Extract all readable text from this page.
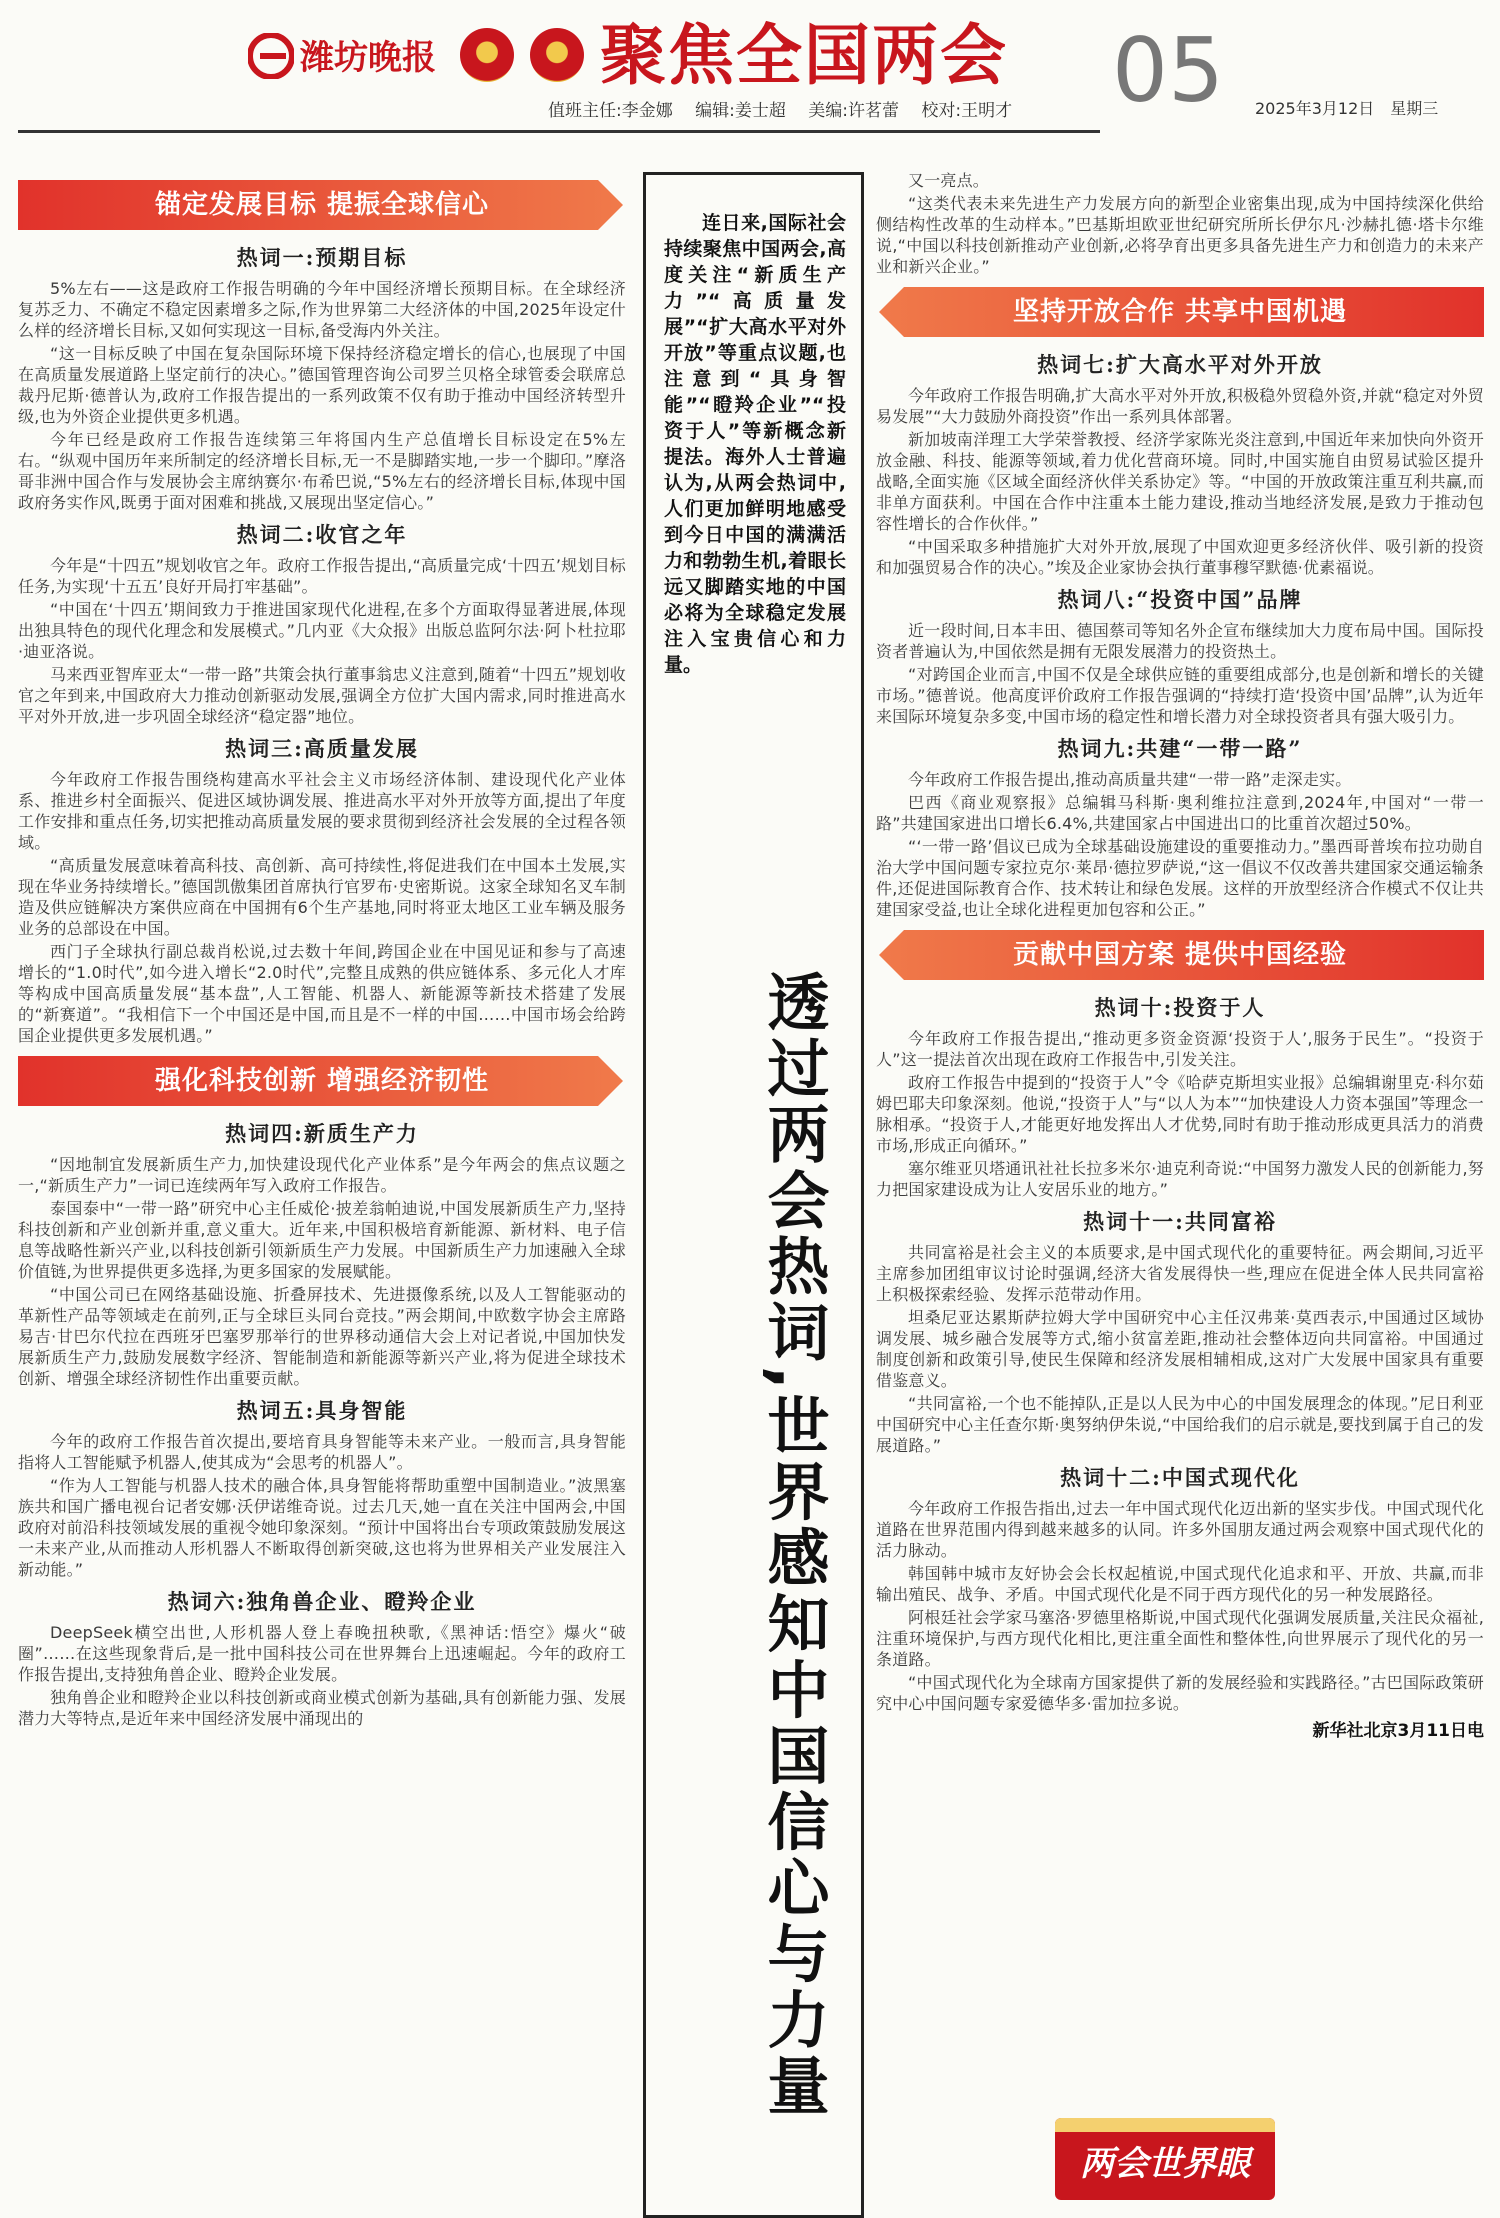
潍坊晚报 聚焦全国两会 05
值班主任:李金娜　 编辑:姜士超　 美编:许茗蕾　 校对:王明才	2025年3月12日　星期三
锚定发展目标 提振全球信心
热词一:预期目标

5%左右——这是政府工作报告明确的今年中国经济增长预期目标。在全球经济复苏乏力、不确定不稳定因素增多之际,作为世界第二大经济体的中国,2025年设定什么样的经济增长目标,又如何实现这一目标,备受海内外关注。

“这一目标反映了中国在复杂国际环境下保持经济稳定增长的信心,也展现了中国在高质量发展道路上坚定前行的决心。”德国管理咨询公司罗兰贝格全球管委会联席总裁丹尼斯·德普认为,政府工作报告提出的一系列政策不仅有助于推动中国经济转型升级,也为外资企业提供更多机遇。

今年已经是政府工作报告连续第三年将国内生产总值增长目标设定在5%左右。“纵观中国历年来所制定的经济增长目标,无一不是脚踏实地,一步一个脚印。”摩洛哥非洲中国合作与发展协会主席纳赛尔·布希巴说,“5%左右的经济增长目标,体现中国政府务实作风,既勇于面对困难和挑战,又展现出坚定信心。”

热词二:收官之年

今年是“十四五”规划收官之年。政府工作报告提出,“高质量完成‘十四五’规划目标任务,为实现‘十五五’良好开局打牢基础”。

“中国在‘十四五’期间致力于推进国家现代化进程,在多个方面取得显著进展,体现出独具特色的现代化理念和发展模式。”几内亚《大众报》出版总监阿尔法·阿卜杜拉耶·迪亚洛说。

马来西亚智库亚太“一带一路”共策会执行董事翁忠义注意到,随着“十四五”规划收官之年到来,中国政府大力推动创新驱动发展,强调全方位扩大国内需求,同时推进高水平对外开放,进一步巩固全球经济“稳定器”地位。

热词三:高质量发展

今年政府工作报告围绕构建高水平社会主义市场经济体制、建设现代化产业体系、推进乡村全面振兴、促进区域协调发展、推进高水平对外开放等方面,提出了年度工作安排和重点任务,切实把推动高质量发展的要求贯彻到经济社会发展的全过程各领域。

“高质量发展意味着高科技、高创新、高可持续性,将促进我们在中国本土发展,实现在华业务持续增长。”德国凯傲集团首席执行官罗布·史密斯说。这家全球知名叉车制造及供应链解决方案供应商在中国拥有6个生产基地,同时将亚太地区工业车辆及服务业务的总部设在中国。

西门子全球执行副总裁肖松说,过去数十年间,跨国企业在中国见证和参与了高速增长的“1.0时代”,如今进入增长“2.0时代”,完整且成熟的供应链体系、多元化人才库等构成中国高质量发展“基本盘”,人工智能、机器人、新能源等新技术搭建了发展的“新赛道”。“我相信下一个中国还是中国,而且是不一样的中国……中国市场会给跨国企业提供更多发展机遇。”

强化科技创新 增强经济韧性
热词四:新质生产力

“因地制宜发展新质生产力,加快建设现代化产业体系”是今年两会的焦点议题之一,“新质生产力”一词已连续两年写入政府工作报告。

泰国泰中“一带一路”研究中心主任威伦·披差翁帕迪说,中国发展新质生产力,坚持科技创新和产业创新并重,意义重大。近年来,中国积极培育新能源、新材料、电子信息等战略性新兴产业,以科技创新引领新质生产力发展。中国新质生产力加速融入全球价值链,为世界提供更多选择,为更多国家的发展赋能。

“中国公司已在网络基础设施、折叠屏技术、先进摄像系统,以及人工智能驱动的革新性产品等领域走在前列,正与全球巨头同台竞技。”两会期间,中欧数字协会主席路易吉·甘巴尔代拉在西班牙巴塞罗那举行的世界移动通信大会上对记者说,中国加快发展新质生产力,鼓励发展数字经济、智能制造和新能源等新兴产业,将为促进全球技术创新、增强全球经济韧性作出重要贡献。

热词五:具身智能

今年的政府工作报告首次提出,要培育具身智能等未来产业。一般而言,具身智能指将人工智能赋予机器人,使其成为“会思考的机器人”。

“作为人工智能与机器人技术的融合体,具身智能将帮助重塑中国制造业。”波黑塞族共和国广播电视台记者安娜·沃伊诺维奇说。过去几天,她一直在关注中国两会,中国政府对前沿科技领域发展的重视令她印象深刻。“预计中国将出台专项政策鼓励发展这一未来产业,从而推动人形机器人不断取得创新突破,这也将为世界相关产业发展注入新动能。”

热词六:独角兽企业、瞪羚企业

DeepSeek横空出世,人形机器人登上春晚扭秧歌,《黑神话:悟空》爆火“破圈”……在这些现象背后,是一批中国科技公司在世界舞台上迅速崛起。今年的政府工作报告提出,支持独角兽企业、瞪羚企业发展。

独角兽企业和瞪羚企业以科技创新或商业模式创新为基础,具有创新能力强、发展潜力大等特点,是近年来中国经济发展中涌现出的

连日来,国际社会持续聚焦中国两会,高度关注“新质生产力”“高质量发展”“扩大高水平对外开放”等重点议题,也注意到“具身智能”“瞪羚企业”“投资于人”等新概念新提法。海外人士普遍认为,从两会热词中,人们更加鲜明地感受到今日中国的满满活力和勃勃生机,着眼长远又脚踏实地的中国必将为全球稳定发展注入宝贵信心和力量。
透过两会热词,世界感知中国信心与力量

又一亮点。

“这类代表未来先进生产力发展方向的新型企业密集出现,成为中国持续深化供给侧结构性改革的生动样本。”巴基斯坦欧亚世纪研究所所长伊尔凡·沙赫扎德·塔卡尔维说,“中国以科技创新推动产业创新,必将孕育出更多具备先进生产力和创造力的未来产业和新兴企业。”

坚持开放合作 共享中国机遇
热词七:扩大高水平对外开放

今年政府工作报告明确,扩大高水平对外开放,积极稳外贸稳外资,并就“稳定对外贸易发展”“大力鼓励外商投资”作出一系列具体部署。

新加坡南洋理工大学荣誉教授、经济学家陈光炎注意到,中国近年来加快向外资开放金融、科技、能源等领域,着力优化营商环境。同时,中国实施自由贸易试验区提升战略,全面实施《区域全面经济伙伴关系协定》等。“中国的开放政策注重互利共赢,而非单方面获利。中国在合作中注重本土能力建设,推动当地经济发展,是致力于推动包容性增长的合作伙伴。”

“中国采取多种措施扩大对外开放,展现了中国欢迎更多经济伙伴、吸引新的投资和加强贸易合作的决心。”埃及企业家协会执行董事穆罕默德·优素福说。

热词八:“投资中国”品牌

近一段时间,日本丰田、德国蔡司等知名外企宣布继续加大力度布局中国。国际投资者普遍认为,中国依然是拥有无限发展潜力的投资热土。

“对跨国企业而言,中国不仅是全球供应链的重要组成部分,也是创新和增长的关键市场。”德普说。他高度评价政府工作报告强调的“持续打造‘投资中国’品牌”,认为近年来国际环境复杂多变,中国市场的稳定性和增长潜力对全球投资者具有强大吸引力。

热词九:共建“一带一路”

今年政府工作报告提出,推动高质量共建“一带一路”走深走实。

巴西《商业观察报》总编辑马科斯·奥利维拉注意到,2024年,中国对“一带一路”共建国家进出口增长6.4%,共建国家占中国进出口的比重首次超过50%。

“‘一带一路’倡议已成为全球基础设施建设的重要推动力。”墨西哥普埃布拉功勋自治大学中国问题专家拉克尔·莱昂·德拉罗萨说,“这一倡议不仅改善共建国家交通运输条件,还促进国际教育合作、技术转让和绿色发展。这样的开放型经济合作模式不仅让共建国家受益,也让全球化进程更加包容和公正。”

贡献中国方案 提供中国经验
热词十:投资于人

今年政府工作报告提出,“推动更多资金资源‘投资于人’,服务于民生”。“投资于人”这一提法首次出现在政府工作报告中,引发关注。

政府工作报告中提到的“投资于人”令《哈萨克斯坦实业报》总编辑谢里克·科尔茹姆巴耶夫印象深刻。他说,“投资于人”与“以人为本”“加快建设人力资本强国”等理念一脉相承。“投资于人,才能更好地发挥出人才优势,同时有助于推动形成更具活力的消费市场,形成正向循环。”

塞尔维亚贝塔通讯社社长拉多米尔·迪克利奇说:“中国努力激发人民的创新能力,努力把国家建设成为让人安居乐业的地方。”

热词十一:共同富裕

共同富裕是社会主义的本质要求,是中国式现代化的重要特征。两会期间,习近平主席参加团组审议讨论时强调,经济大省发展得快一些,理应在促进全体人民共同富裕上积极探索经验、发挥示范带动作用。

坦桑尼亚达累斯萨拉姆大学中国研究中心主任汉弗莱·莫西表示,中国通过区域协调发展、城乡融合发展等方式,缩小贫富差距,推动社会整体迈向共同富裕。中国通过制度创新和政策引导,使民生保障和经济发展相辅相成,这对广大发展中国家具有重要借鉴意义。

“共同富裕,一个也不能掉队,正是以人民为中心的中国发展理念的体现。”尼日利亚中国研究中心主任查尔斯·奥努纳伊朱说,“中国给我们的启示就是,要找到属于自己的发展道路。”

热词十二:中国式现代化

今年政府工作报告指出,过去一年中国式现代化迈出新的坚实步伐。中国式现代化道路在世界范围内得到越来越多的认同。许多外国朋友通过两会观察中国式现代化的活力脉动。

韩国韩中城市友好协会会长权起植说,中国式现代化追求和平、开放、共赢,而非输出殖民、战争、矛盾。中国式现代化是不同于西方现代化的另一种发展路径。

阿根廷社会学家马塞洛·罗德里格斯说,中国式现代化强调发展质量,关注民众福祉,注重环境保护,与西方现代化相比,更注重全面性和整体性,向世界展示了现代化的另一条道路。

“中国式现代化为全球南方国家提供了新的发展经验和实践路径。”古巴国际政策研究中心中国问题专家爱德华多·雷加拉多说。

新华社北京3月11日电
两会世界眼
